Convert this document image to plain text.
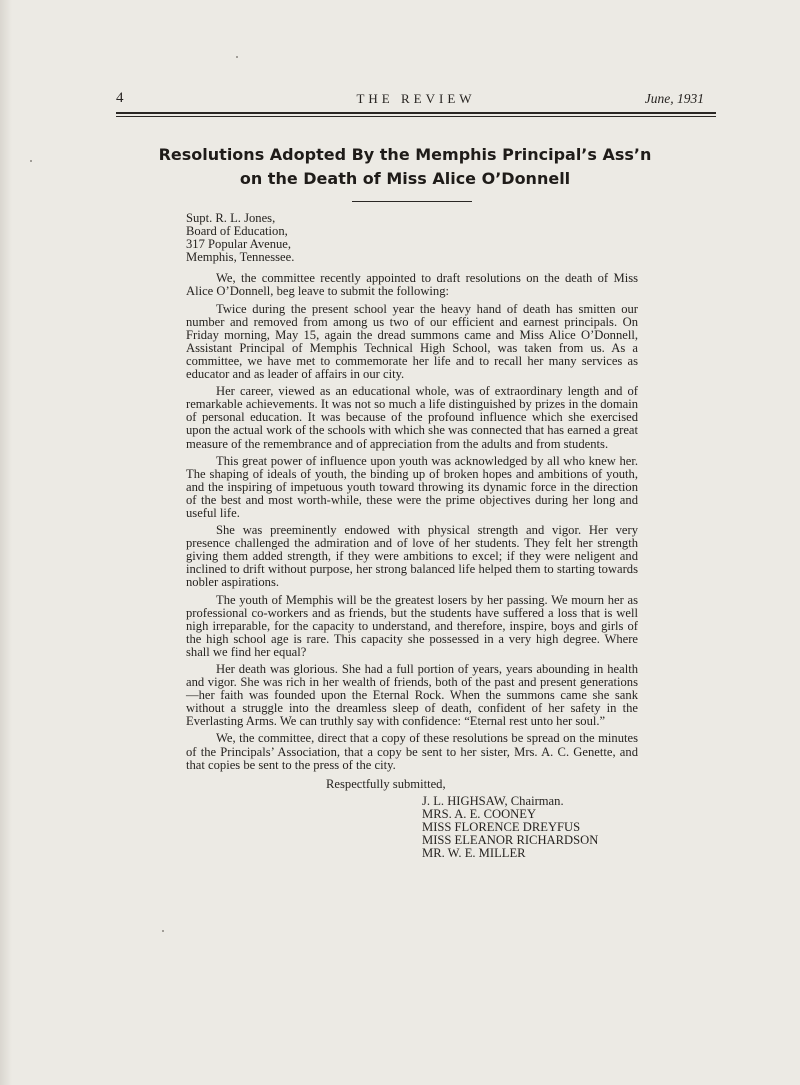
4	THE REVIEW	June, 1931
Resolutions Adopted By the Memphis Principal’s Ass’n
on the Death of Miss Alice O’Donnell

Supt. R. L. Jones,

Board of Education,

317 Popular Avenue,

Memphis, Tennessee.

We, the committee recently appointed to draft resolutions on the death of Miss Alice O’Donnell, beg leave to submit the following:

Twice during the present school year the heavy hand of death has smitten our number and removed from among us two of our efficient and earnest principals. On Friday morning, May 15, again the dread summons came and Miss Alice O’Donnell, Assistant Principal of Memphis Technical High School, was taken from us. As a committee, we have met to commemorate her life and to recall her many services as educator and as leader of affairs in our city.

Her career, viewed as an educational whole, was of extraordinary length and of remarkable achievements. It was not so much a life distinguished by prizes in the domain of personal education. It was because of the profound influence which she exercised upon the actual work of the schools with which she was connected that has earned a great measure of the remembrance and of appreciation from the adults and from students.

This great power of influence upon youth was acknowledged by all who knew her. The shaping of ideals of youth, the binding up of broken hopes and ambitions of youth, and the inspiring of impetuous youth toward throwing its dynamic force in the direction of the best and most worth-while, these were the prime objectives during her long and useful life.

She was preeminently endowed with physical strength and vigor. Her very presence challenged the admiration and of love of her students. They felt her strength giving them added strength, if they were ambitions to excel; if they were neligent and inclined to drift without purpose, her strong balanced life helped them to starting towards nobler aspirations.

The youth of Memphis will be the greatest losers by her passing. We mourn her as professional co-workers and as friends, but the students have suffered a loss that is well nigh irreparable, for the capacity to understand, and therefore, inspire, boys and girls of the high school age is rare. This capacity she possessed in a very high degree. Where shall we find her equal?

Her death was glorious. She had a full portion of years, years abounding in health and vigor. She was rich in her wealth of friends, both of the past and present generations—her faith was founded upon the Eternal Rock. When the summons came she sank without a struggle into the dreamless sleep of death, confident of her safety in the Everlasting Arms. We can truthly say with confidence: “Eternal rest unto her soul.”

We, the committee, direct that a copy of these resolutions be spread on the minutes of the Principals’ Association, that a copy be sent to her sister, Mrs. A. C. Genette, and that copies be sent to the press of the city.

Respectfully submitted,

J. L. HIGHSAW, Chairman.

MRS. A. E. COONEY

MISS FLORENCE DREYFUS

MISS ELEANOR RICHARDSON

MR. W. E. MILLER
